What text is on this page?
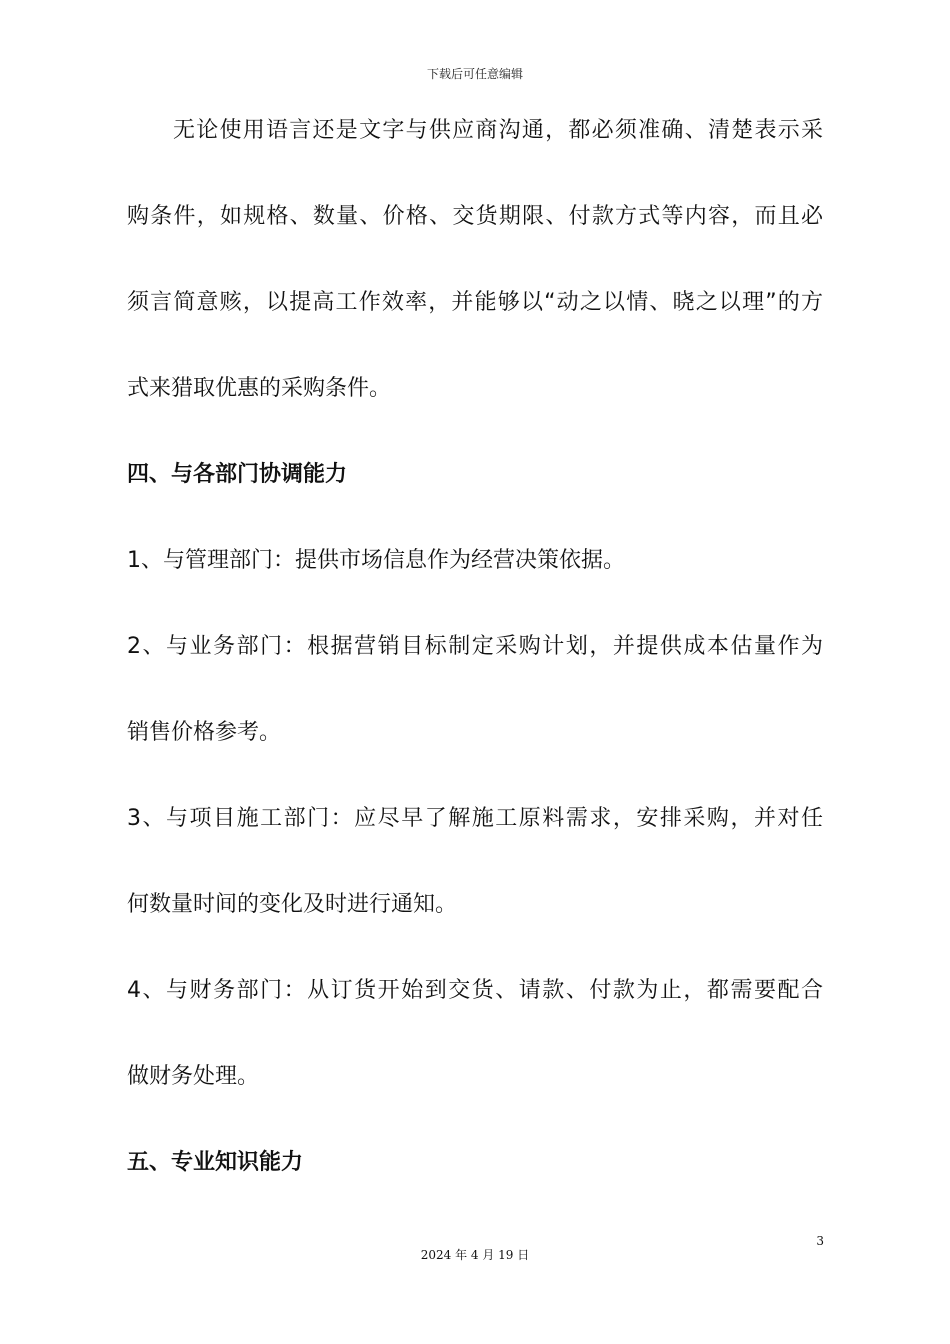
下载后可任意编辑
无论使用语言还是文字与供应商沟通，都必须准确、清楚表示采
购条件，如规格、数量、价格、交货期限、付款方式等内容，而且必
须言简意赅，以提高工作效率，并能够以“动之以情、晓之以理”的方
式来猎取优惠的采购条件。
四、与各部门协调能力
1、与管理部门：提供市场信息作为经营决策依据。
2、与业务部门：根据营销目标制定采购计划，并提供成本估量作为
销售价格参考。
3、与项目施工部门：应尽早了解施工原料需求，安排采购，并对任
何数量时间的变化及时进行通知。
4、与财务部门：从订货开始到交货、请款、付款为止，都需要配合
做财务处理。
五、专业知识能力
3
2024 年 4 月 19 日
